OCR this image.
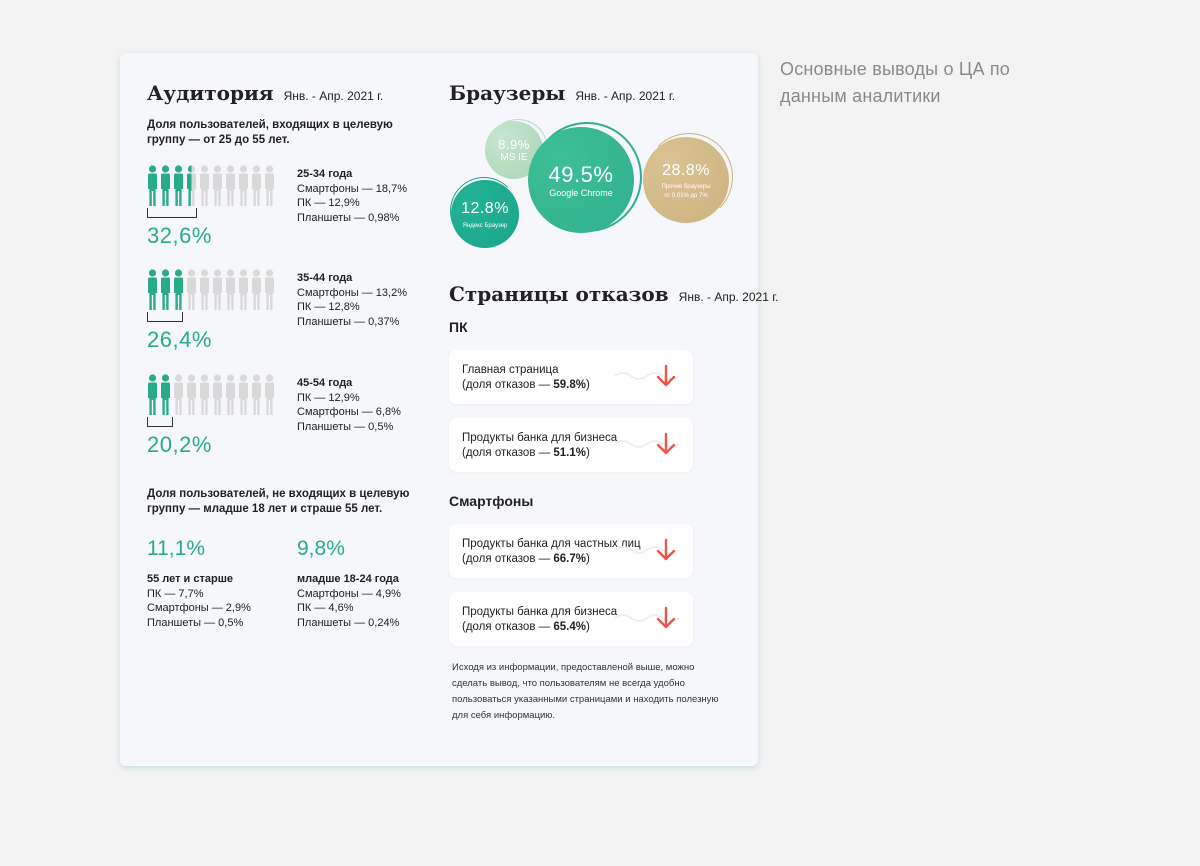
Основные выводы о ЦА по данным аналитики
Аудитория Янв. - Апр. 2021 г.
Доля пользователей, входящих в целевую группу — от 25 до 55 лет.
32,6%
25-34 года
Смартфоны — 18,7%
ПК — 12,9%
Планшеты — 0,98%
26,4%
35-44 года
Смартфоны — 13,2%
ПК — 12,8%
Планшеты — 0,37%
20,2%
45-54 года
ПК — 12,9%
Смартфоны — 6,8%
Планшеты — 0,5%
Доля пользователей, не входящих в целевую группу — младше 18 лет и страше 55 лет.
11,1%
55 лет и старше
ПК — 7,7%
Смартфоны — 2,9%
Планшеты — 0,5%
9,8%
младше 18-24 года
Смартфоны — 4,9%
ПК — 4,6%
Планшеты — 0,24%
Браузеры Янв. - Апр. 2021 г.
8.9%
MS IE
49.5%
Google Chrome
12.8%
Яндекс Браузер
28.8%
Прочие браузеры
от 0.01% до 7%
Страницы отказов Янв. - Апр. 2021 г.
ПК
Главная страница
(доля отказов — 59.8%)
Продукты банка для бизнеса
(доля отказов — 51.1%)
Смартфоны
Продукты банка для частных лиц
(доля отказов — 66.7%)
Продукты банка для бизнеса
(доля отказов — 65.4%)
Исходя из информации, предоставленой выше, можно сделать вывод, что пользователям не всегда удобно пользоваться указанными страницами и находить полезную для себя информацию.
